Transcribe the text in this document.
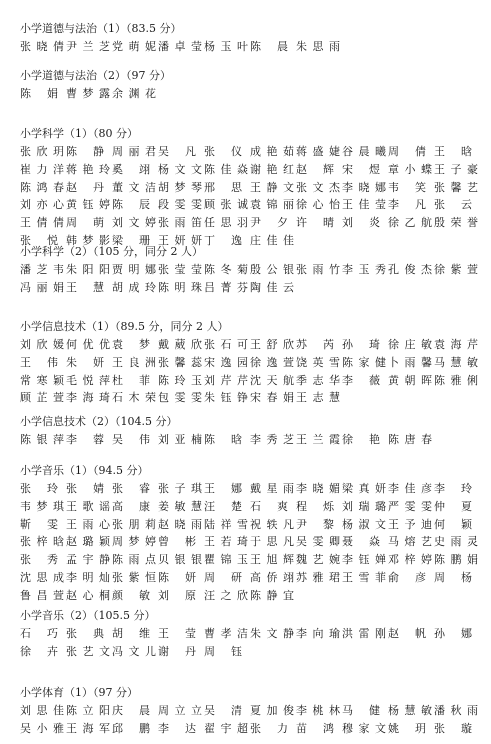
小学道德与法治（1）（83.5 分）
张晓倩 尹兰芝 党萌妮 潘卓莹 杨玉叶 陈 晨 朱思雨
小学道德与法治（2）（97 分）
陈 娟 曹梦露 余渊花
小学科学（1）（80 分）
张欣玥 陈 静 周丽君 吴 凡 张 仪 成艳茹 蒋盛婕 谷晨曦 周 倩 王 晗
崔力洋 蒋艳玲 奚 翊 杨文文 陈佳焱 谢艳红 赵 辉 宋 煜 章小蝶 王子豪
陈鸿春 赵 丹 董文洁 胡梦琴 邢 思 王静文 张文杰 李晓娜 韦 笑 张馨艺
刘亦心 黄钰婷 陈 辰 段雯雯 顾张诚 袁锦丽 徐心怡 王佳莹 李 凡 张 云
王倩倩 周 萌 刘文婷 张雨笛 任思羽 尹 夕 许 晴 刘 炎 徐乙航 殷荣誉
张 悦 韩梦影 梁 珊 王妍妍 丁 逸 庄佳佳
小学科学（2）（105 分，同分 2 人）
潘芝韦 朱阳阳 贾明娜 张莹莹 陈冬菊 殷公银 张雨竹 李玉秀 孔俊杰 徐紫萱
冯丽娟 王 慧 胡成玲 陈明珠 吕菁芬 陶佳云
小学信息技术（1）（89.5 分，同分 2 人）
刘欣媛 何优优 袁 梦 戴葳欣 张石可 王舒欣 苏 芮 孙 琦 徐庄敏 袁海芹
王 伟 朱 妍 王良洲 张馨蕊 宋逸园 徐逸萱 饶英雪 陈家健 卜雨馨 马慧敏
常寒颖 毛悦萍 杜 菲 陈玲玉 刘芹芹 沈天航 季志华 李 薇 黄朝晖 陈雅俐
顾芷萱 李海琦 石木荣 包雯雯 朱钰铮 宋春娟 王志慧
小学信息技术（2）（104.5 分）
陈银萍 李 蓉 吴 伟 刘亚楠 陈 晗 李秀芝 王兰霞 徐 艳 陈唐春
小学音乐（1）（94.5 分）
张 玲 张 婧 张 睿 张子琪 王 娜 戴星雨 李晓媚 梁真妍 李佳彦 李 玲
韦梦琪 王歌谣 高 康 姜敏慧 汪 楚 石 爽 程 烁 刘瑞璐 严雯雯 仲 夏
靳 雯 王雨心 张朋莉 赵晓雨 陆祥雪 祝轶凡 尹 黎 杨淑文 王予迪 何 颖
张梓晗 赵璐颖 周梦婷 曾 彬 王若琦 于思凡 吴雯卿 聂 焱 马熔艺 史雨灵
张 秀 孟宇静 陈雨点 贝银银 瞿锦玉 王旭辉 魏艺婉 李钰婵 邓梓婷 陈鹏娟
沈思成 李明灿 张紫恒 陈 妍 周 研 高侨翊 苏雅珺 王雪菲 俞 彦 周 杨
鲁昌萱 赵心桐 颜 敏 刘 原 汪之欣 陈静宜
小学音乐（2）（105.5 分）
石 巧 张 典 胡 维 王 莹 曹孝洁 朱文静 李向瑜 洪雷刚 赵 帆 孙 娜
徐 卉 张艺文 冯文儿 谢 丹 周 钰
小学体育（1）（97 分）
刘思佳 陈立阳 庆 晨 周立立 吴 清 夏加俊 李桃林 马 健 杨慧敏 潘秋雨
吴小雅 王海军 邱 鹏 李 达 翟宇超 张 力 苗 鸿 穆家文 姚 玥 张 璇
